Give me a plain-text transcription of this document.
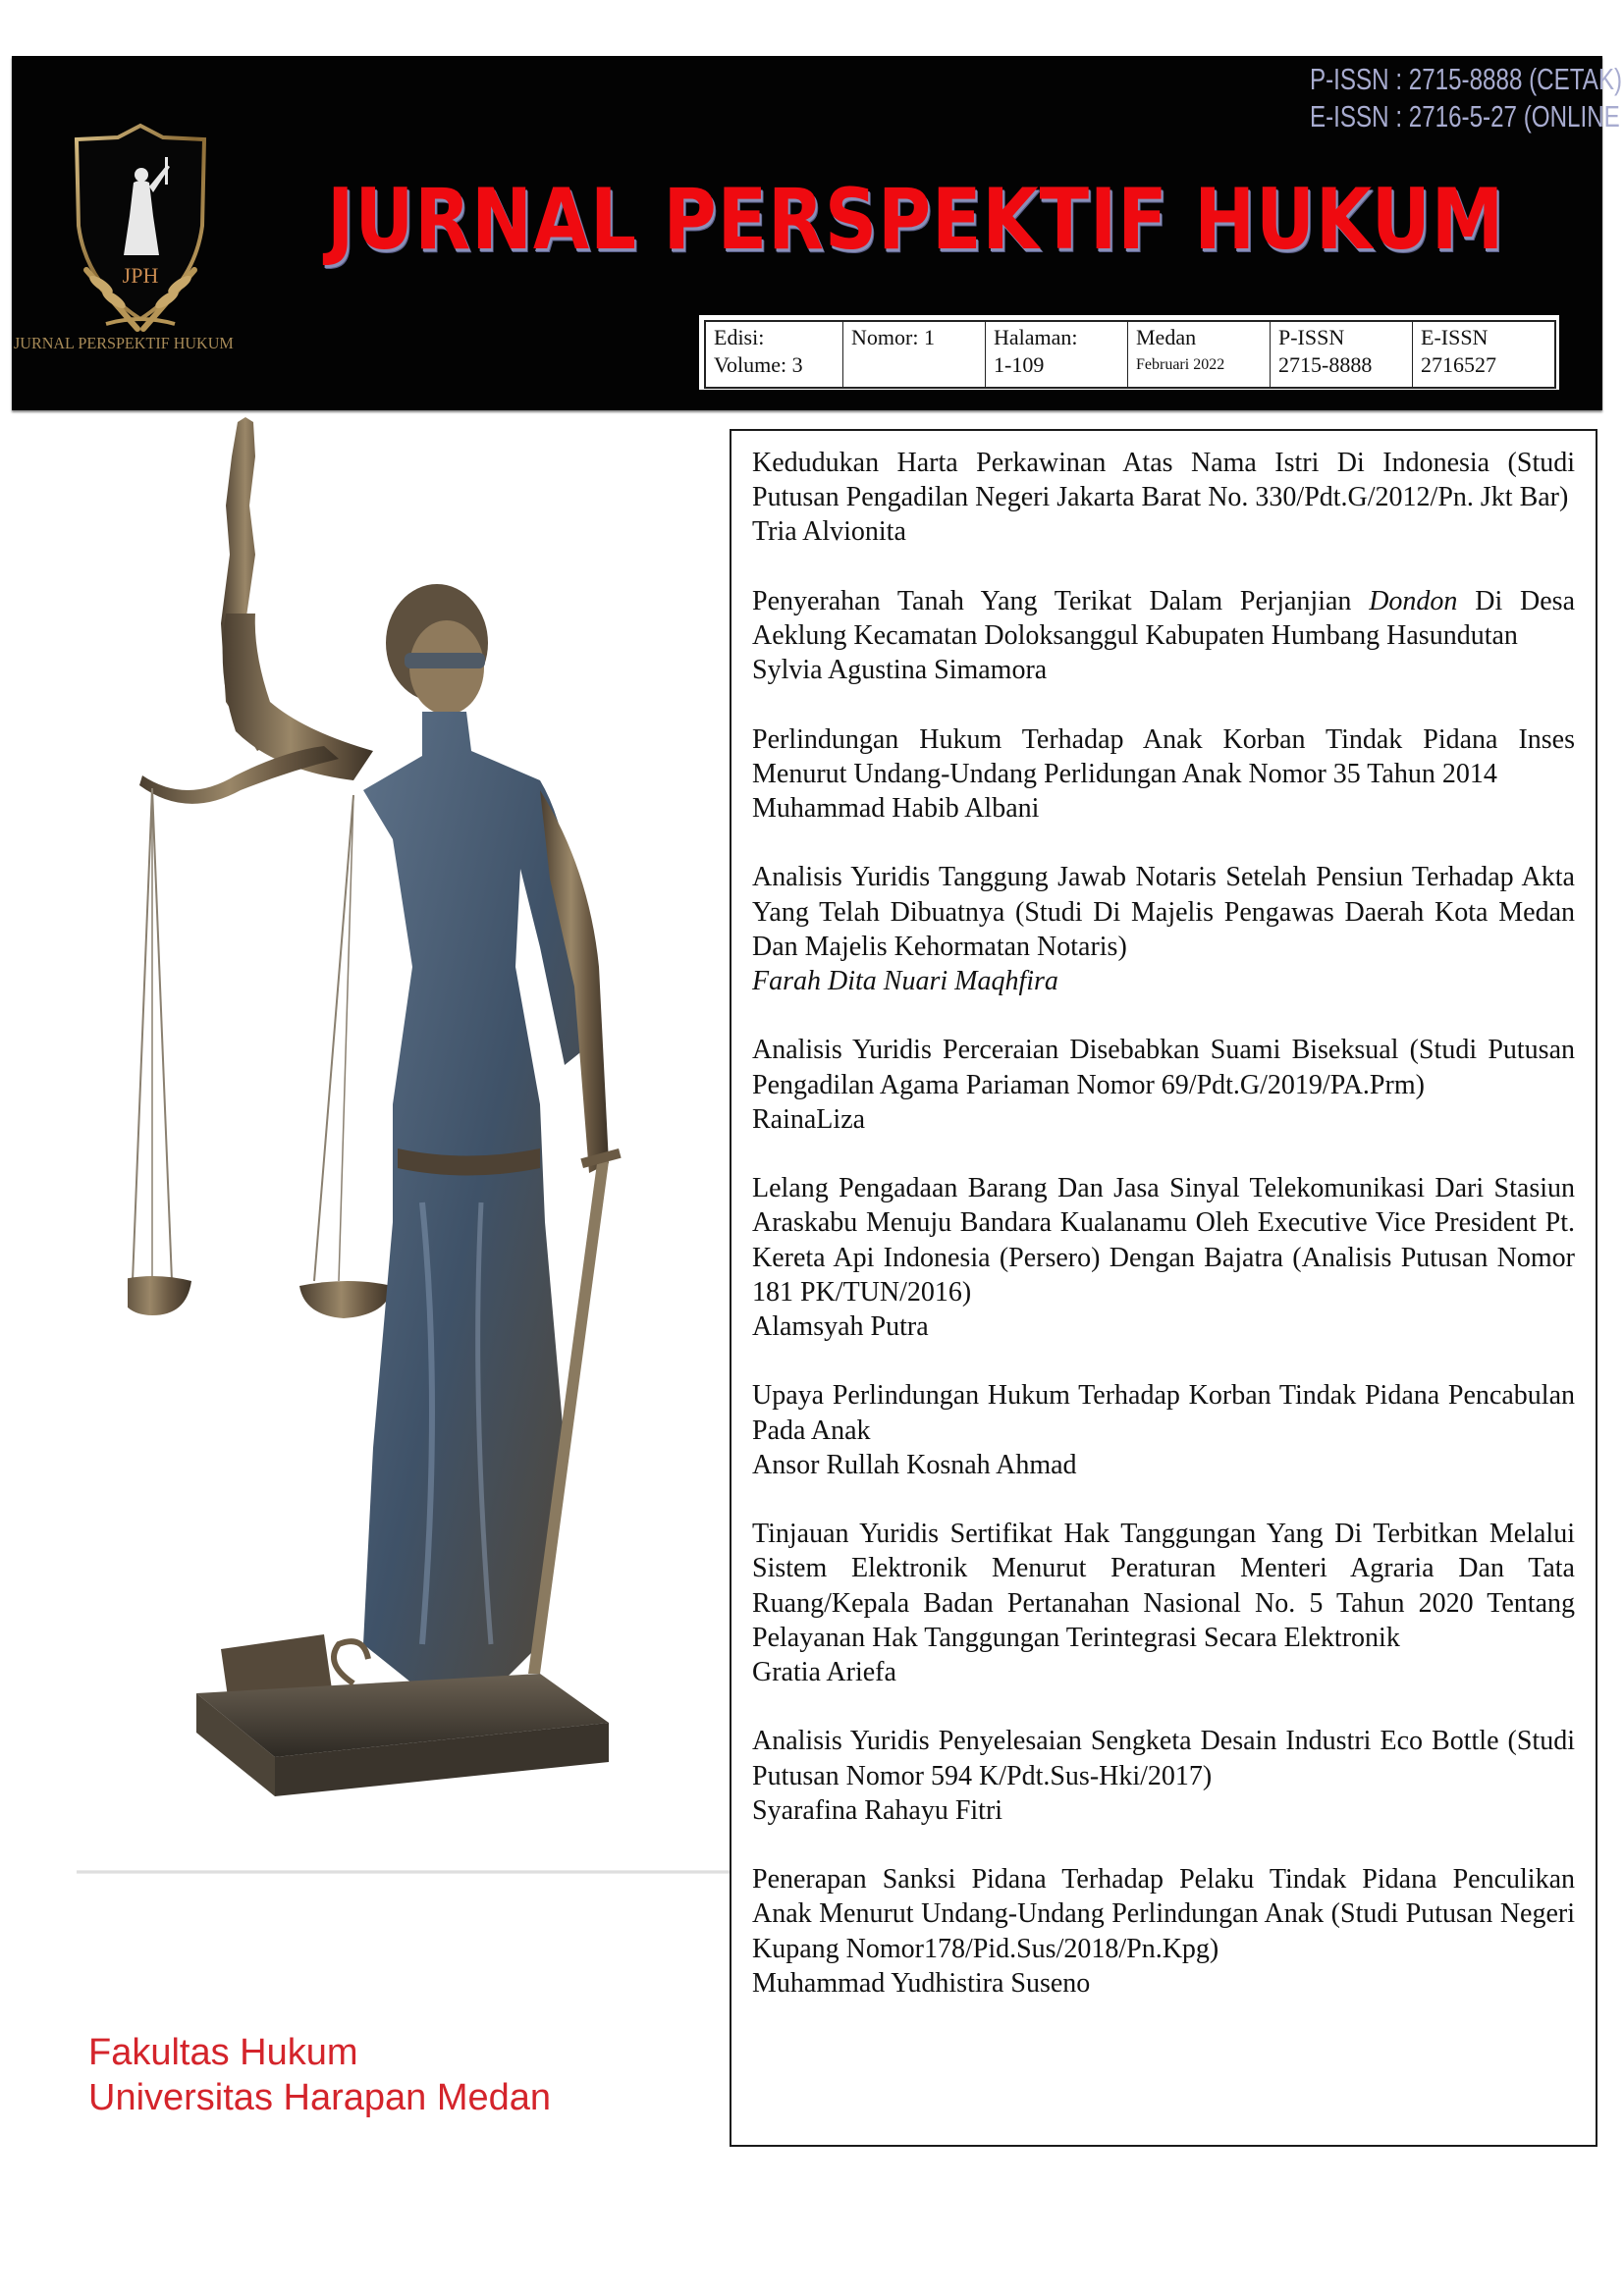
JPH
JURNAL PERSPEKTIF HUKUM
JURNAL PERSPEKTIF HUKUM
P-ISSN : 2715-8888 (CETAK)
E-ISSN : 2716-5-27 (ONLINE
Edisi:
Volume: 3
Nomor: 1	Halaman:
1-109
Medan
Februari 2022
P-ISSN
2715-8888
E-ISSN
2716527
Fakultas Hukum
Universitas Harapan Medan
Kedudukan Harta Perkawinan Atas Nama Istri Di Indonesia (Studi Putusan Pengadilan Negeri Jakarta Barat No. 330/Pdt.G/2012/Pn. Jkt Bar)
Tria Alvionita
Penyerahan Tanah Yang Terikat Dalam Perjanjian Dondon Di Desa Aeklung Kecamatan Doloksanggul Kabupaten Humbang Hasundutan
Sylvia Agustina Simamora
Perlindungan Hukum Terhadap Anak Korban Tindak Pidana Inses Menurut Undang-Undang Perlidungan Anak Nomor 35 Tahun 2014
Muhammad Habib Albani
Analisis Yuridis Tanggung Jawab Notaris Setelah Pensiun Terhadap Akta Yang Telah Dibuatnya (Studi Di Majelis Pengawas Daerah Kota Medan Dan Majelis Kehormatan Notaris)
Farah Dita Nuari Maqhfira
Analisis Yuridis Perceraian Disebabkan Suami Biseksual (Studi Putusan Pengadilan Agama Pariaman Nomor 69/Pdt.G/2019/PA.Prm)
RainaLiza
Lelang Pengadaan Barang Dan Jasa Sinyal Telekomunikasi Dari Stasiun Araskabu Menuju Bandara Kualanamu Oleh Executive Vice President Pt. Kereta Api Indonesia (Persero) Dengan Bajatra (Analisis Putusan Nomor 181 PK/TUN/2016)
Alamsyah Putra
Upaya Perlindungan Hukum Terhadap Korban Tindak Pidana Pencabulan Pada Anak
Ansor Rullah Kosnah Ahmad
Tinjauan Yuridis Sertifikat Hak Tanggungan Yang Di Terbitkan Melalui Sistem Elektronik Menurut Peraturan Menteri Agraria Dan Tata Ruang/Kepala Badan Pertanahan Nasional No. 5 Tahun 2020 Tentang Pelayanan Hak Tanggungan Terintegrasi Secara Elektronik
Gratia Ariefa
Analisis Yuridis Penyelesaian Sengketa Desain Industri Eco Bottle (Studi Putusan Nomor 594 K/Pdt.Sus-Hki/2017)
Syarafina Rahayu Fitri
Penerapan Sanksi Pidana Terhadap Pelaku Tindak Pidana Penculikan Anak Menurut Undang-Undang Perlindungan Anak (Studi Putusan Negeri Kupang Nomor178/Pid.Sus/2018/Pn.Kpg)
Muhammad Yudhistira Suseno
